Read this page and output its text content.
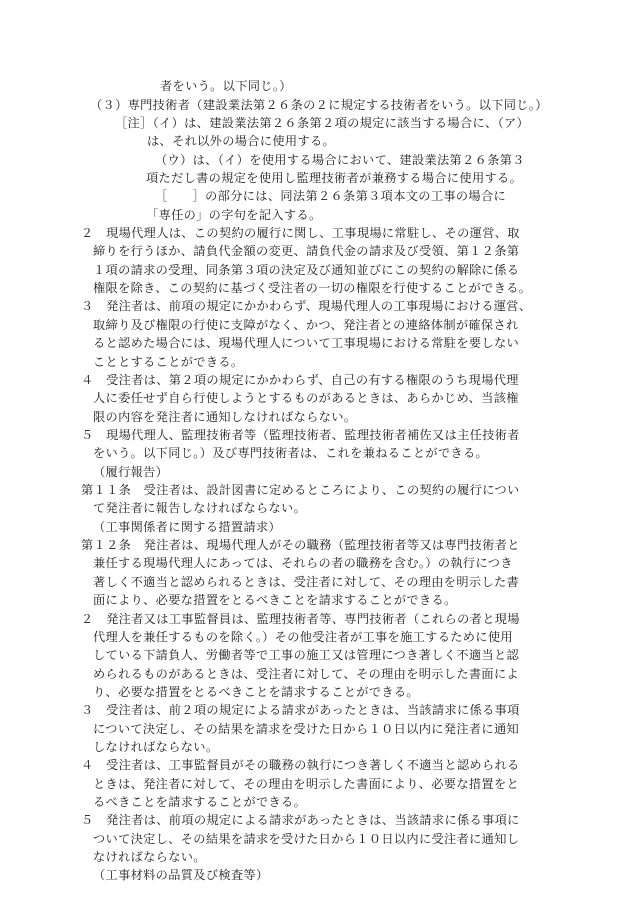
者をいう。以下同じ。）
（３）専門技術者（建設業法第２６条の２に規定する技術者をいう。以下同じ。）
［注］（イ）は、建設業法第２６条第２項の規定に該当する場合に、（ア）
は、それ以外の場合に使用する。
（ウ）は、（イ）を使用する場合において、建設業法第２６条第３
項ただし書の規定を使用し監理技術者が兼務する場合に使用する。
［　　］の部分には、同法第２６条第３項本文の工事の場合に
「専任の」の字句を記入する。
２　現場代理人は、この契約の履行に関し、工事現場に常駐し、その運営、取
締りを行うほか、請負代金額の変更、請負代金の請求及び受領、第１２条第
１項の請求の受理、同条第３項の決定及び通知並びにこの契約の解除に係る
権限を除き、この契約に基づく受注者の一切の権限を行使することができる。
３　発注者は、前項の規定にかかわらず、現場代理人の工事現場における運営、
取締り及び権限の行使に支障がなく、かつ、発注者との連絡体制が確保され
ると認めた場合には、現場代理人について工事現場における常駐を要しない
こととすることができる。
４　受注者は、第２項の規定にかかわらず、自己の有する権限のうち現場代理
人に委任せず自ら行使しようとするものがあるときは、あらかじめ、当該権
限の内容を発注者に通知しなければならない。
５　現場代理人、監理技術者等（監理技術者、監理技術者補佐又は主任技術者
をいう。以下同じ。）及び専門技術者は、これを兼ねることができる。
（履行報告）
第１１条　受注者は、設計図書に定めるところにより、この契約の履行につい
て発注者に報告しなければならない。
（工事関係者に関する措置請求）
第１２条　発注者は、現場代理人がその職務（監理技術者等又は専門技術者と
兼任する現場代理人にあっては、それらの者の職務を含む。）の執行につき
著しく不適当と認められるときは、受注者に対して、その理由を明示した書
面により、必要な措置をとるべきことを請求することができる。
２　発注者又は工事監督員は、監理技術者等、専門技術者（これらの者と現場
代理人を兼任するものを除く。）その他受注者が工事を施工するために使用
している下請負人、労働者等で工事の施工又は管理につき著しく不適当と認
められるものがあるときは、受注者に対して、その理由を明示した書面によ
り、必要な措置をとるべきことを請求することができる。
３　受注者は、前２項の規定による請求があったときは、当該請求に係る事項
について決定し、その結果を請求を受けた日から１０日以内に発注者に通知
しなければならない。
４　受注者は、工事監督員がその職務の執行につき著しく不適当と認められる
ときは、発注者に対して、その理由を明示した書面により、必要な措置をと
るべきことを請求することができる。
５　発注者は、前項の規定による請求があったときは、当該請求に係る事項に
ついて決定し、その結果を請求を受けた日から１０日以内に受注者に通知し
なければならない。
（工事材料の品質及び検査等）
